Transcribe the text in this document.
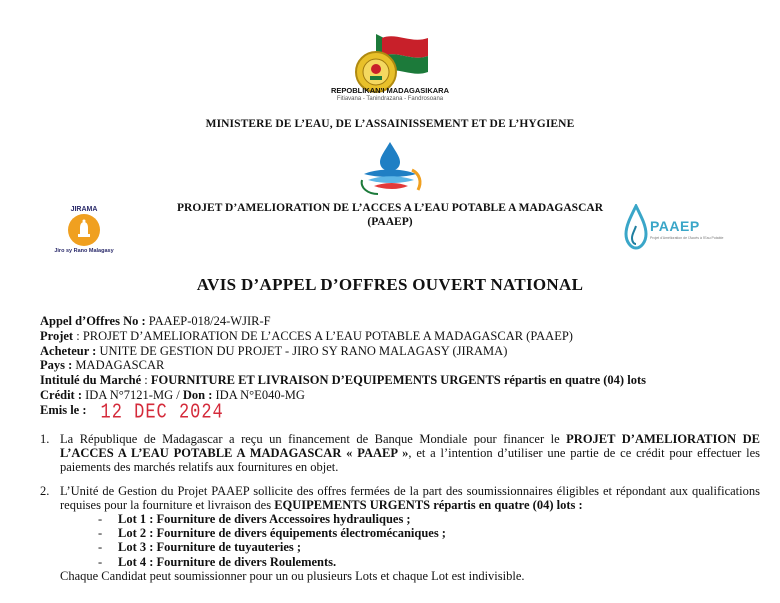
REPOBLIKAN'I MADAGASIKARA
Fitiavana - Tanindrazana - Fandrosoana
MINISTERE DE L’EAU, DE L’ASSAINISSEMENT ET DE L’HYGIENE
JIRAMA
Jiro sy Rano Malagasy
PROJET D’AMELIORATION DE L’ACCES A L’EAU POTABLE A MADAGASCAR
(PAAEP)	PAAEP
Projet d'Amélioration de l'Accès à l'Eau Potable
AVIS D’APPEL D’OFFRES OUVERT NATIONAL
Appel d’Offres No : PAAEP-018/24-WJIR-F
Projet : PROJET D’AMELIORATION DE L’ACCES A L’EAU POTABLE A MADAGASCAR (PAAEP)
Acheteur : UNITE DE GESTION DU PROJET - JIRO SY RANO MALAGASY (JIRAMA)
Pays : MADAGASCAR
Intitulé du Marché : FOURNITURE ET LIVRAISON D’EQUIPEMENTS URGENTS répartis en quatre (04) lots
Crédit : IDA N°7121-MG / Don : IDA N°E040-MG
Emis le : 12 DEC 2024
1. La République de Madagascar a reçu un financement de Banque Mondiale pour financer le PROJET D’AMELIORATION DE L’ACCES A L’EAU POTABLE A MADAGASCAR « PAAEP », et a l’intention d’utiliser une partie de ce crédit pour effectuer les paiements des marchés relatifs aux fournitures en objet.
2. L’Unité de Gestion du Projet PAAEP sollicite des offres fermées de la part des soumissionnaires éligibles et répondant aux qualifications requises pour la fourniture et livraison des EQUIPEMENTS URGENTS répartis en quatre (04) lots :
- Lot 1 : Fourniture de divers Accessoires hydrauliques ;
- Lot 2 : Fourniture de divers équipements électromécaniques ;
- Lot 3 : Fourniture de tuyauteries ;
- Lot 4 : Fourniture de divers Roulements.
Chaque Candidat peut soumissionner pour un ou plusieurs Lots et chaque Lot est indivisible.
